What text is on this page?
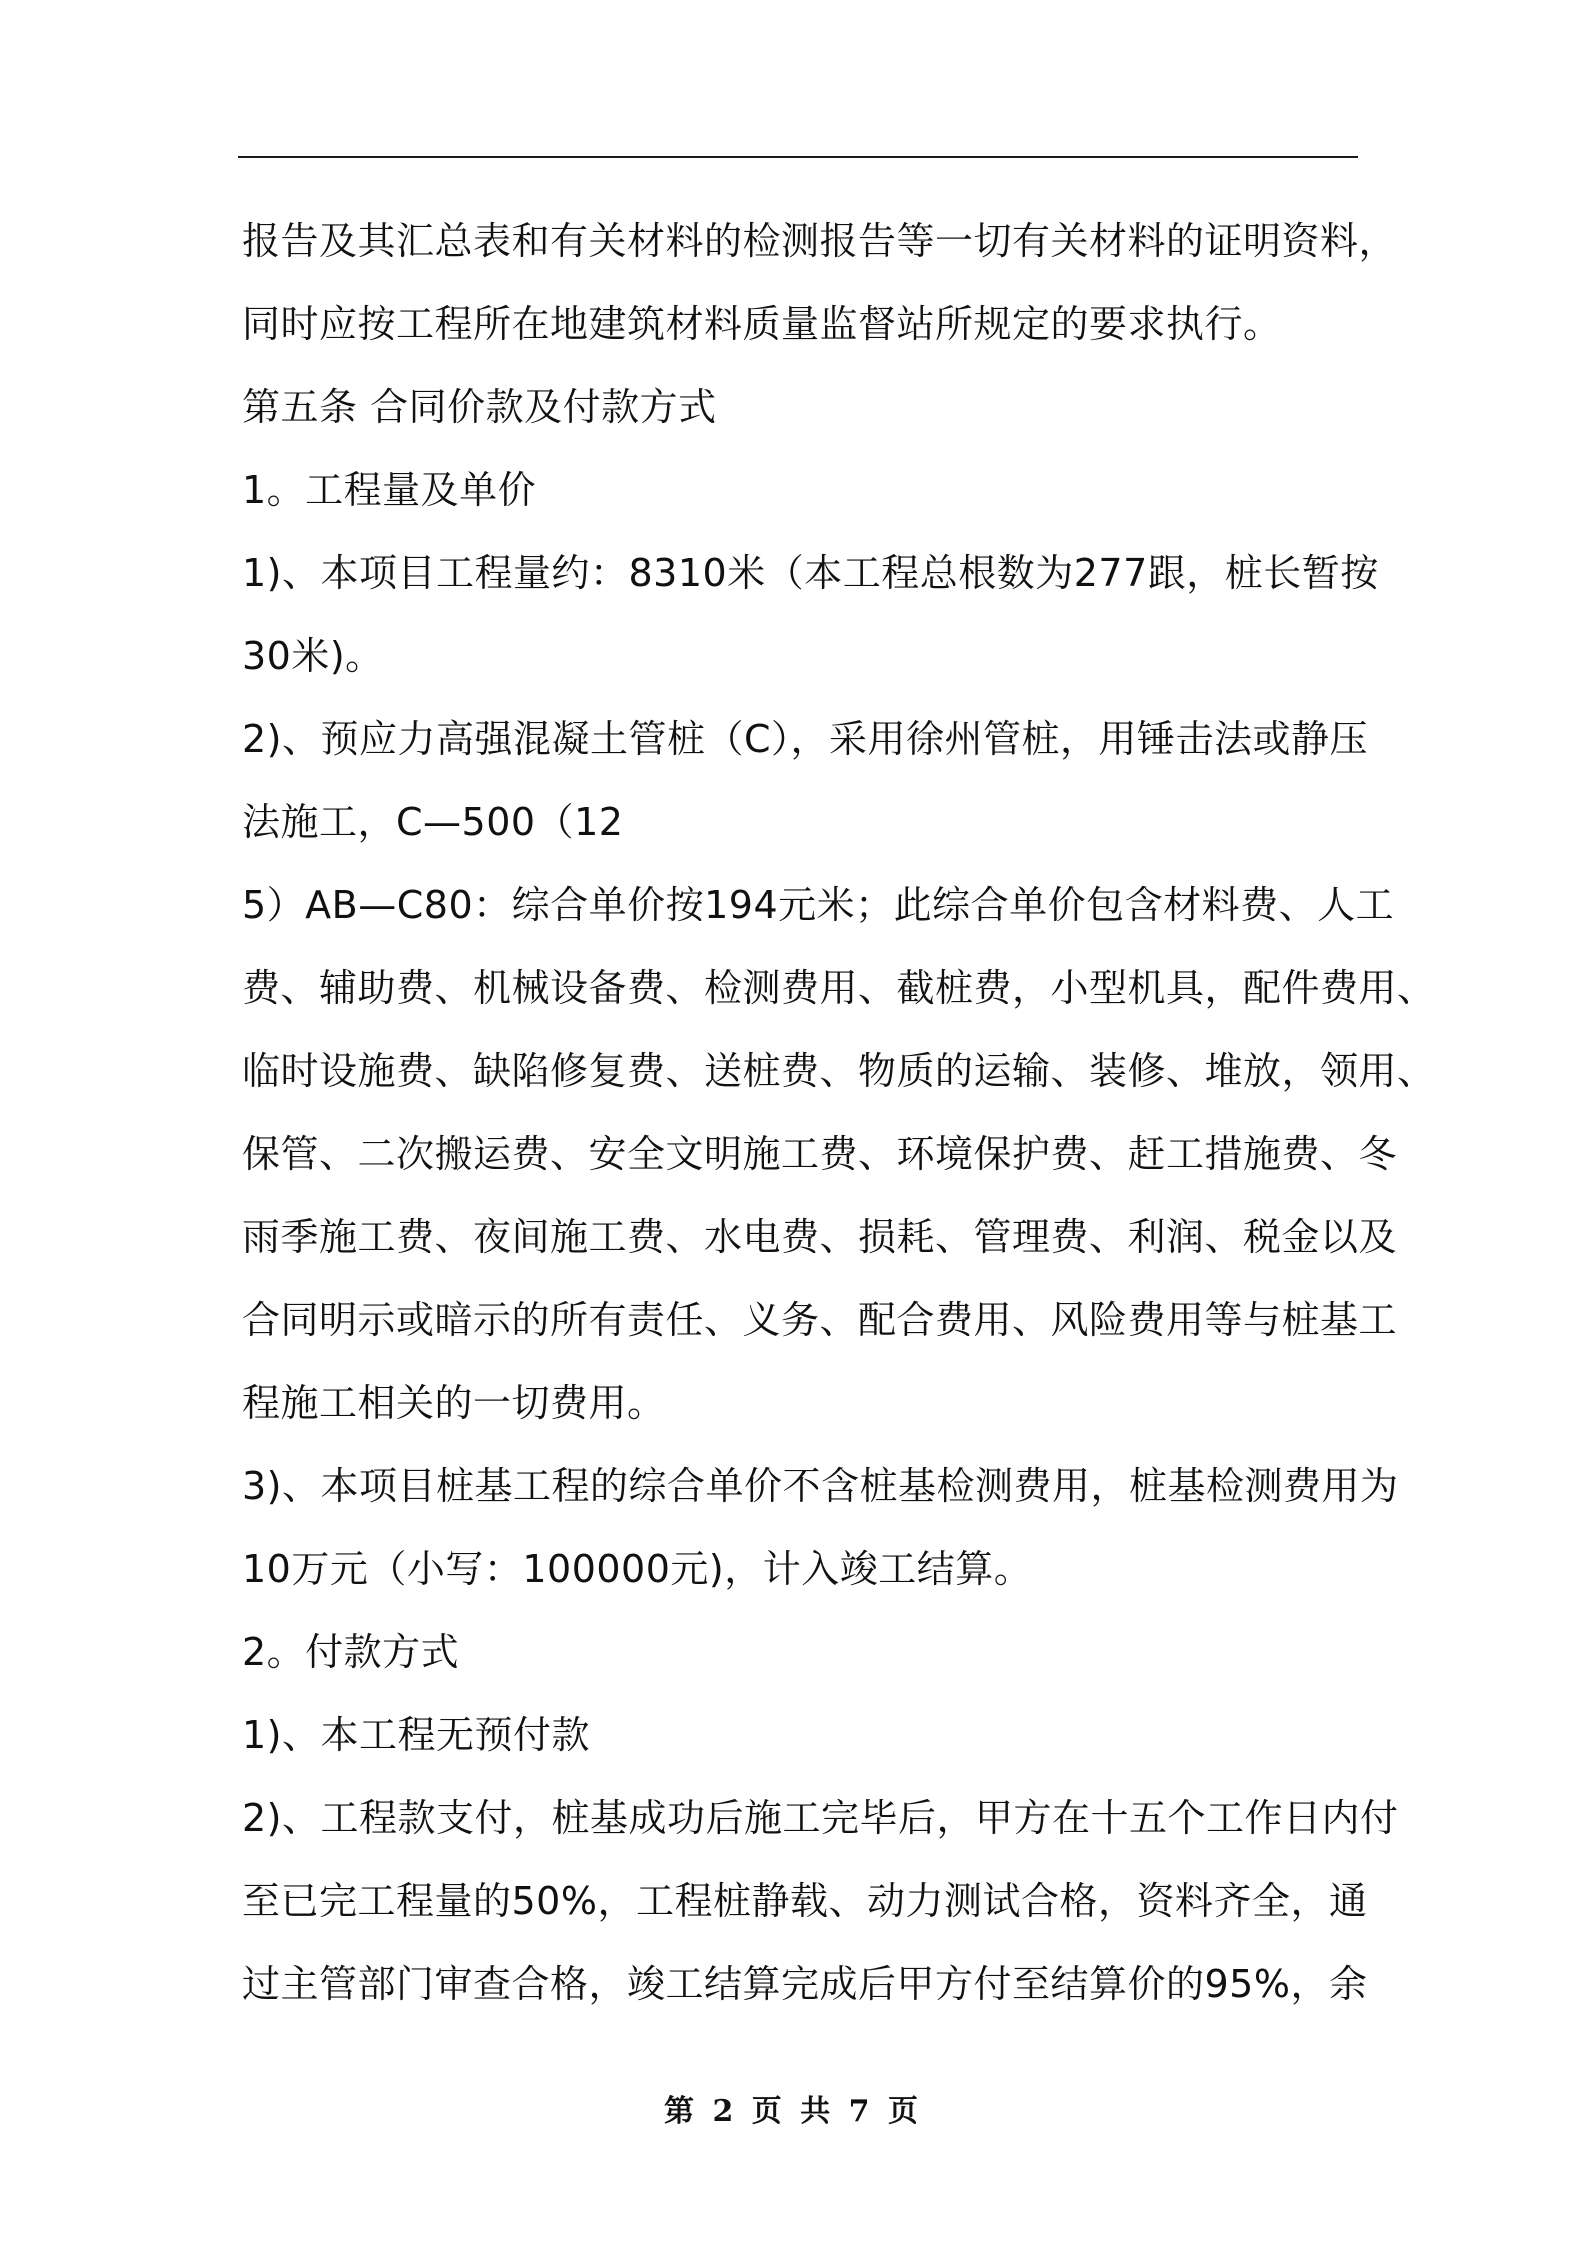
报告及其汇总表和有关材料的检测报告等一切有关材料的证明资料，
同时应按工程所在地建筑材料质量监督站所规定的要求执行。
第五条 合同价款及付款方式
1。工程量及单价
1)、本项目工程量约：8310米（本工程总根数为277跟，桩长暂按
30米)。
2)、预应力高强混凝土管桩（C），采用徐州管桩，用锤击法或静压
法施工，C—500（12
5）AB—C80：综合单价按194元米；此综合单价包含材料费、人工
费、辅助费、机械设备费、检测费用、截桩费，小型机具，配件费用、
临时设施费、缺陷修复费、送桩费、物质的运输、装修、堆放，领用、
保管、二次搬运费、安全文明施工费、环境保护费、赶工措施费、冬
雨季施工费、夜间施工费、水电费、损耗、管理费、利润、税金以及
合同明示或暗示的所有责任、义务、配合费用、风险费用等与桩基工
程施工相关的一切费用。
3)、本项目桩基工程的综合单价不含桩基检测费用，桩基检测费用为
10万元（小写：100000元)，计入竣工结算。
2。付款方式
1)、本工程无预付款
2)、工程款支付，桩基成功后施工完毕后，甲方在十五个工作日内付
至已完工程量的50%，工程桩静载、动力测试合格，资料齐全，通
过主管部门审查合格，竣工结算完成后甲方付至结算价的95%，余
第 2 页 共 7 页
